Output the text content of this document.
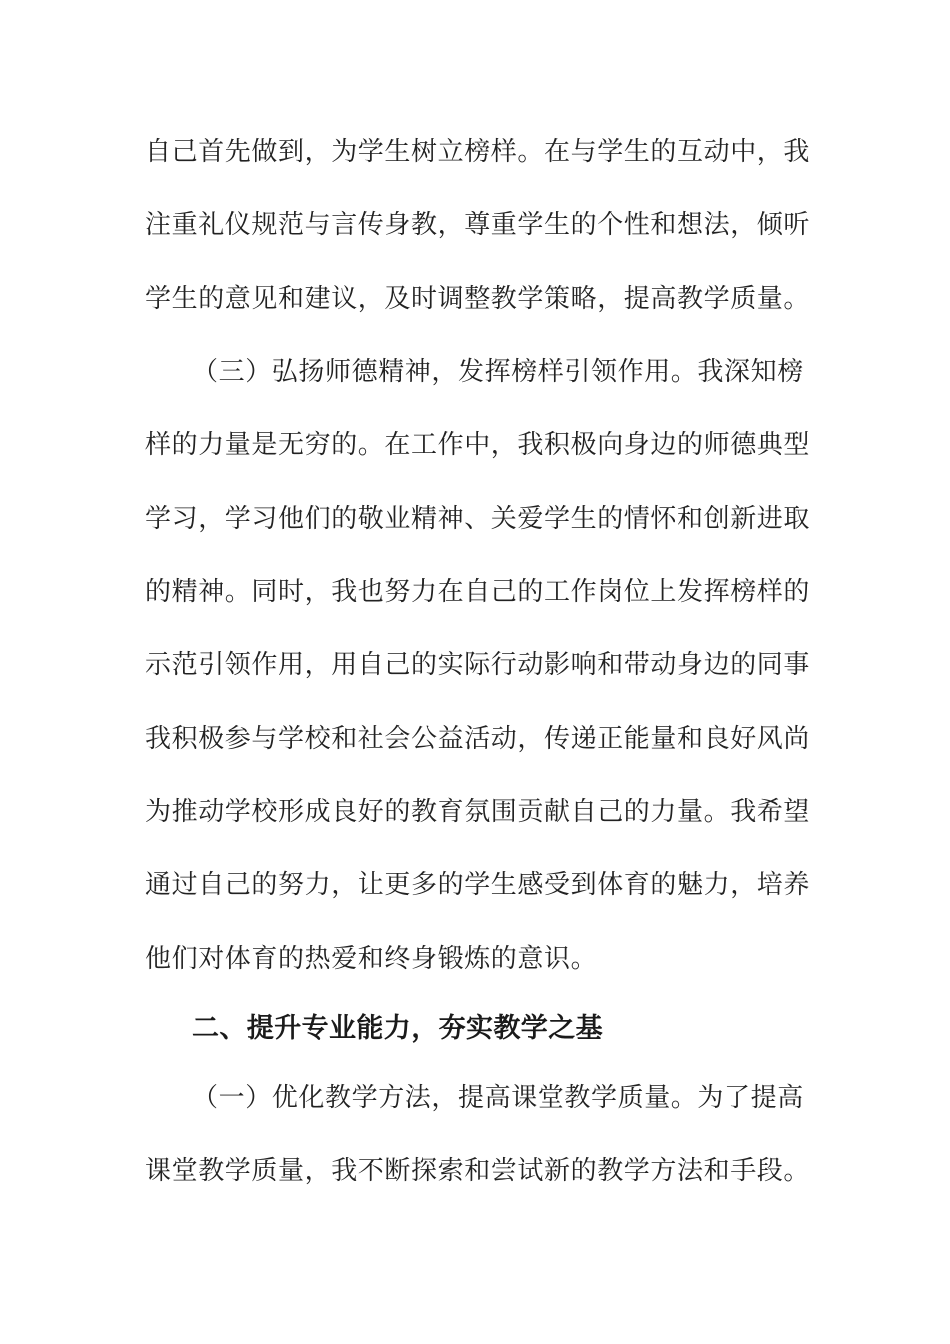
自己首先做到，为学生树立榜样。在与学生的互动中，我
注重礼仪规范与言传身教，尊重学生的个性和想法，倾听
学生的意见和建议，及时调整教学策略，提高教学质量。
（三）弘扬师德精神，发挥榜样引领作用。我深知榜
样的力量是无穷的。在工作中，我积极向身边的师德典型
学习，学习他们的敬业精神、关爱学生的情怀和创新进取
的精神。同时，我也努力在自己的工作岗位上发挥榜样的
示范引领作用，用自己的实际行动影响和带动身边的同事
我积极参与学校和社会公益活动，传递正能量和良好风尚
为推动学校形成良好的教育氛围贡献自己的力量。我希望
通过自己的努力，让更多的学生感受到体育的魅力，培养
他们对体育的热爱和终身锻炼的意识。
二、提升专业能力，夯实教学之基
（一）优化教学方法，提高课堂教学质量。为了提高
课堂教学质量，我不断探索和尝试新的教学方法和手段。
